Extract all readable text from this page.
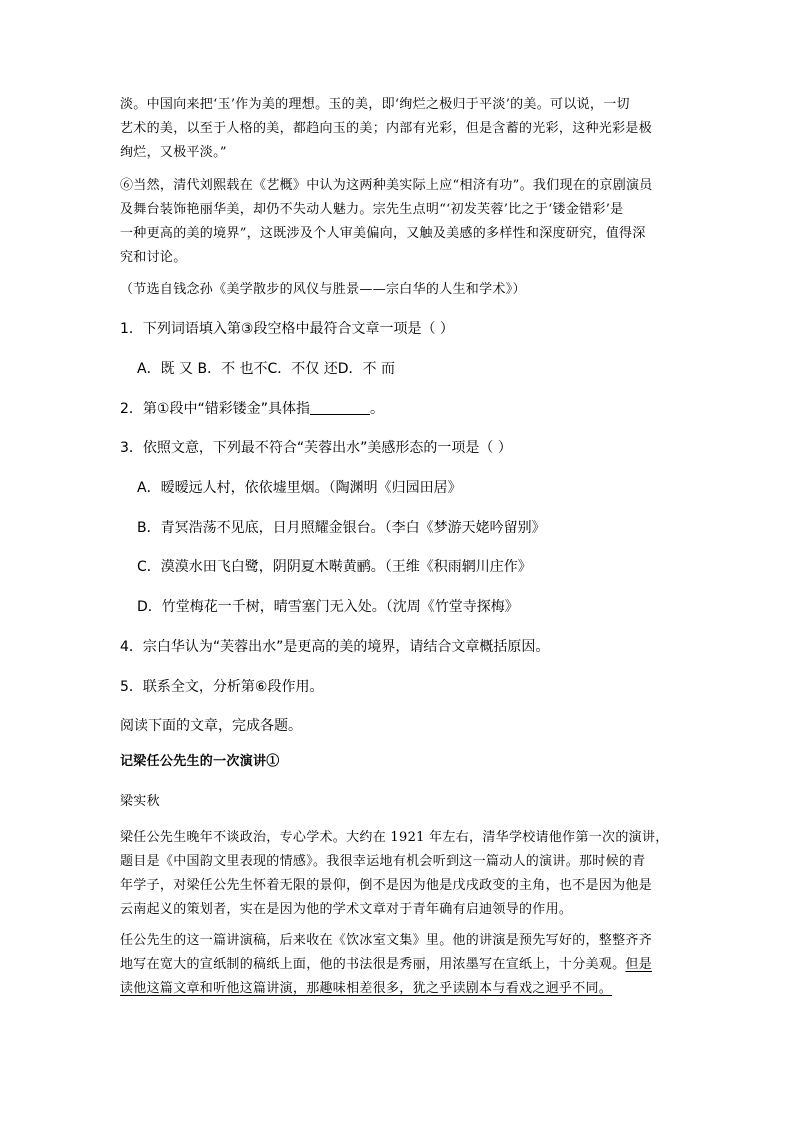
淡。中国向来把‘玉’作为美的理想。玉的美，即‘绚烂之极归于平淡’的美。可以说，一切
艺术的美，以至于人格的美，都趋向玉的美；内部有光彩，但是含蓄的光彩，这种光彩是极
绚烂，又极平淡。”

⑥当然，清代刘熙载在《艺概》中认为这两种美实际上应“相济有功”。我们现在的京剧演员
及舞台装饰艳丽华美，却仍不失动人魅力。宗先生点明“‘初发芙蓉’比之于‘镂金错彩’是
一种更高的美的境界”，这既涉及个人审美偏向，又触及美感的多样性和深度研究，值得深
究和讨论。

（节选自钱念孙《美学散步的风仪与胜景——宗白华的人生和学术》）

1．下列词语填入第③段空格中最符合文章一项是（ ）

A．既 又 B．不 也不C．不仅 还D．不 而

2．第①段中“错彩镂金”具体指	。

3．依照文意，下列最不符合“芙蓉出水”美感形态的一项是（ ）

A．暧暧远人村，依依墟里烟。（陶渊明《归园田居》

B．青冥浩荡不见底，日月照耀金银台。（李白《梦游天姥吟留别》

C．漠漠水田飞白鹭，阴阴夏木啭黄鹂。（王维《积雨辋川庄作》

D．竹堂梅花一千树，晴雪塞门无入处。（沈周《竹堂寺探梅》

4．宗白华认为“芙蓉出水”是更高的美的境界，请结合文章概括原因。

5．联系全文，分析第⑥段作用。

阅读下面的文章，完成各题。

记梁任公先生的一次演讲①

梁实秋

梁任公先生晚年不谈政治，专心学术。大约在 1921 年左右，清华学校请他作第一次的演讲，
题目是《中国韵文里表现的情感》。我很幸运地有机会听到这一篇动人的演讲。那时候的青
年学子，对梁任公先生怀着无限的景仰，倒不是因为他是戊戌政变的主角，也不是因为他是
云南起义的策划者，实在是因为他的学术文章对于青年确有启迪领导的作用。

任公先生的这一篇讲演稿，后来收在《饮冰室文集》里。他的讲演是预先写好的，整整齐齐
地写在宽大的宣纸制的稿纸上面，他的书法很是秀丽，用浓墨写在宣纸上，十分美观。但是
读他这篇文章和听他这篇讲演，那趣味相差很多，犹之乎读剧本与看戏之迥乎不同。
